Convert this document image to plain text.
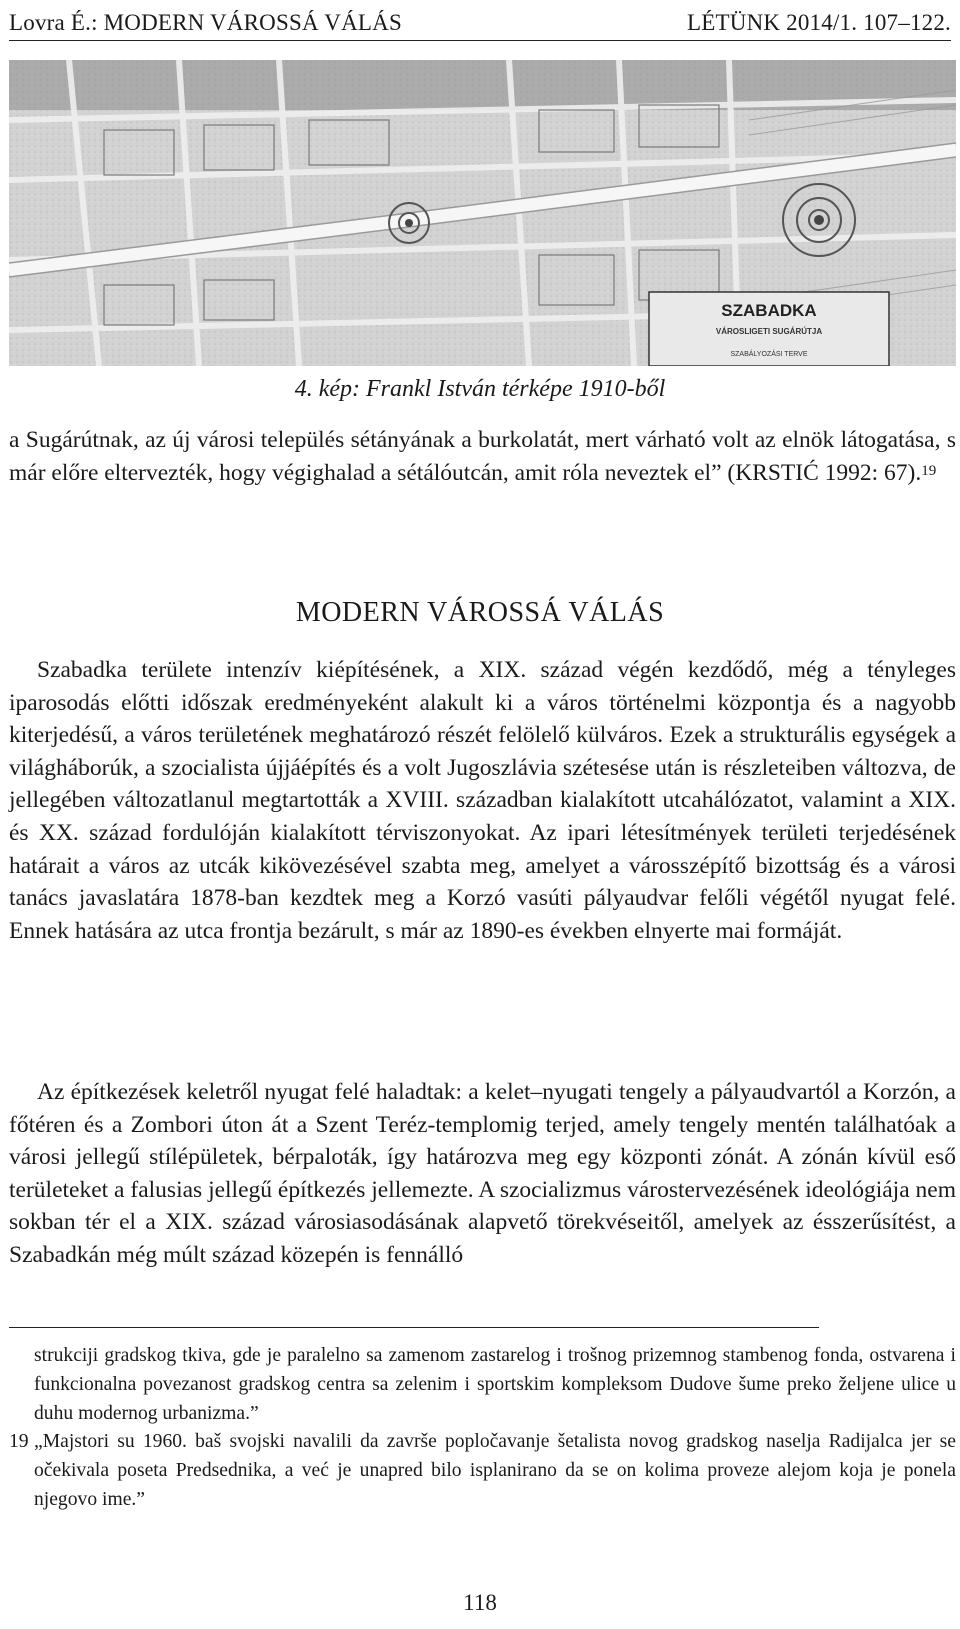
Lovra É.: MODERN VÁROSSÁ VÁLÁS	LÉTÜNK 2014/1. 107–122.
SZABADKA
VÁROSLIGETI SUGÁRÚTJA
SZABÁLYOZÁSI TERVE
4. kép: Frankl István térképe 1910-ből

a Sugárútnak, az új városi település sétányának a burkolatát, mert várható volt az elnök látogatása, s már előre eltervezték, hogy végighalad a sétálóutcán, amit róla neveztek el” (KRSTIĆ 1992: 67).$^{19}$

MODERN VÁROSSÁ VÁLÁS

Szabadka területe intenzív kiépítésének, a XIX. század végén kezdődő, még a tényleges iparosodás előtti időszak eredményeként alakult ki a város történelmi központja és a nagyobb kiterjedésű, a város területének meghatározó részét felölelő külváros. Ezek a strukturális egységek a világháborúk, a szocialista újjáépítés és a volt Jugoszlávia szétesése után is részleteiben változva, de jellegében változatlanul megtartották a XVIII. században kialakított utcahálózatot, valamint a XIX. és XX. század fordulóján kialakított térviszonyokat. Az ipari létesítmények területi terjedésének határait a város az utcák kikövezésével szabta meg, amelyet a városszépítő bizottság és a városi tanács javaslatára 1878-ban kezdtek meg a Korzó vasúti pályaudvar felőli végétől nyugat felé. Ennek hatására az utca frontja bezárult, s már az 1890-es években elnyerte mai formáját.

Az építkezések keletről nyugat felé haladtak: a kelet–nyugati tengely a pályaudvartól a Korzón, a főtéren és a Zombori úton át a Szent Teréz-templomig terjed, amely tengely mentén találhatóak a városi jellegű stílépületek, bérpaloták, így határozva meg egy központi zónát. A zónán kívül eső területeket a falusias jellegű építkezés jellemezte. A szocializmus várostervezésének ideológiája nem sokban tér el a XIX. század városiasodásának alapvető törekvéseitől, amelyek az ésszerűsítést, a Szabadkán még múlt század közepén is fennálló

strukciji gradskog tkiva, gde je paralelno sa zamenom zastarelog i trošnog prizemnog stambenog fonda, ostvarena i funkcionalna povezanost gradskog centra sa zelenim i sportskim kompleksom Dudove šume preko željene ulice u duhu modernog urbanizma.”
19 „Majstori su 1960. baš svojski navalili da završe popločavanje šetalista novog gradskog naselja Radijalca jer se očekivala poseta Predsednika, a već je unapred bilo isplanirano da se on kolima proveze alejom koja je ponela njegovo ime.”
118
